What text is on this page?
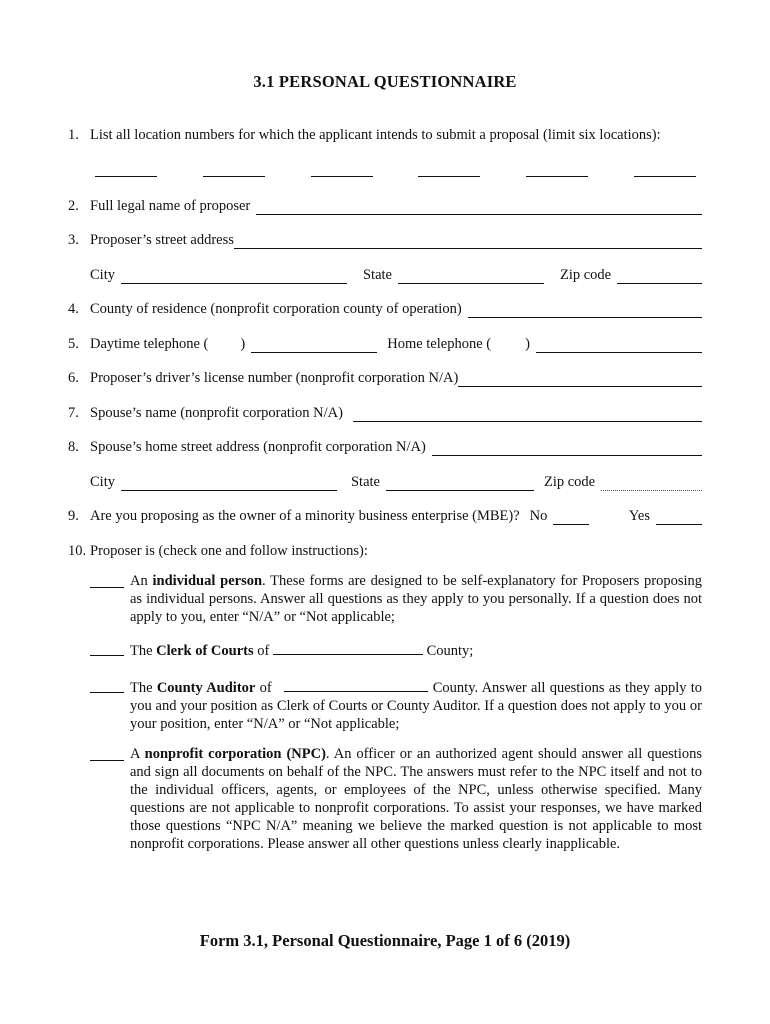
3.1 PERSONAL QUESTIONNAIRE
1. List all location numbers for which the applicant intends to submit a proposal (limit six locations):
2. Full legal name of proposer
3. Proposer’s street address
City	State	Zip code
4. County of residence (nonprofit corporation county of operation)
5. Daytime telephone ( )	Home telephone ( )
6. Proposer’s driver’s license number (nonprofit corporation N/A)
7. Spouse’s name (nonprofit corporation N/A)
8. Spouse’s home street address (nonprofit corporation N/A)
City	State	Zip code
9. Are you proposing as the owner of a minority business enterprise (MBE)? No	Yes
10. Proposer is (check one and follow instructions):
An individual person. These forms are designed to be self-explanatory for Proposers proposing as individual persons. Answer all questions as they apply to you personally. If a question does not apply to you, enter “N/A” or “Not applicable;
The Clerk of Courts of	County;
The County Auditor of	County. Answer all questions as they apply to you and your position as Clerk of Courts or County Auditor. If a question does not apply to you or your position, enter “N/A” or “Not applicable;
A nonprofit corporation (NPC). An officer or an authorized agent should answer all questions and sign all documents on behalf of the NPC. The answers must refer to the NPC itself and not to the individual officers, agents, or employees of the NPC, unless otherwise specified. Many questions are not applicable to nonprofit corporations. To assist your responses, we have marked those questions “NPC N/A” meaning we believe the marked question is not applicable to most nonprofit corporations. Please answer all other questions unless clearly inapplicable.
Form 3.1, Personal Questionnaire, Page 1 of 6 (2019)
